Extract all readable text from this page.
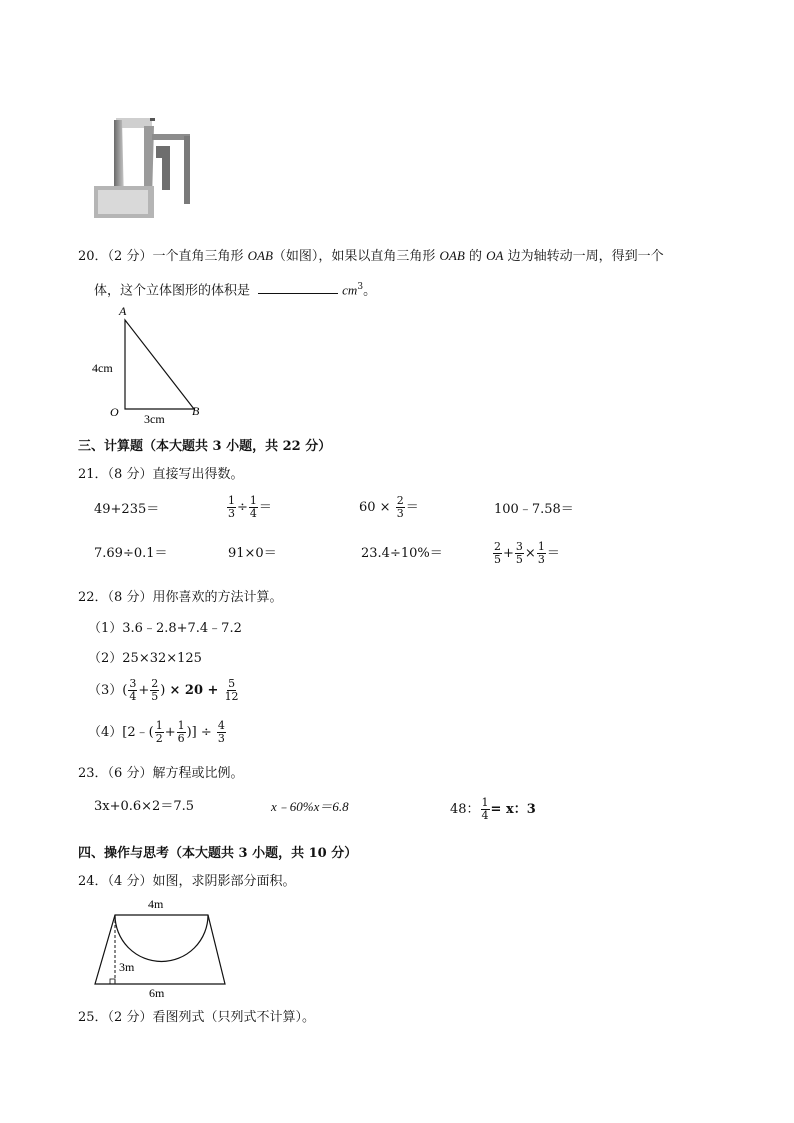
20．（2 分）一个直角三角形 OAB（如图），如果以直角三角形 OAB 的 OA 边为轴转动一周，得到一个
体，这个立体图形的体积是	$cm^3$。
A
O	B
4cm
3cm
三、计算题（本大题共 3 小题，共 22 分）
21．（8 分）直接写出得数。
49+235＝	$\frac{1}{3} \div \frac{1}{4}$ ＝	$60 \times \frac{2}{3}$ ＝	100﹣7.58＝
7.69÷0.1＝	91×0＝	23.4÷10%＝	$\frac{2}{5} + \frac{3}{5} \times \frac{1}{3}$ ＝
22．（8 分）用你喜欢的方法计算。
（1）3.6﹣2.8+7.4﹣7.2
（2）25×32×125
$(3)( \frac{3}{4} + \frac{2}{5}$ ) × $20 + \frac{5}{12}$
（4）[2﹣( $\frac{1}{2} + \frac{1}{6}$ )] ÷ $\frac{4}{3}$
23．（6 分）解方程或比例。
3x+0.6×2＝7.5	x﹣60%x＝6.8	48： $\frac{1}{4} = x$：3
四、操作与思考（本大题共 3 小题，共 10 分）
24．（4 分）如图，求阴影部分面积。
4m
3m
6m
25．（2 分）看图列式（只列式不计算）。
